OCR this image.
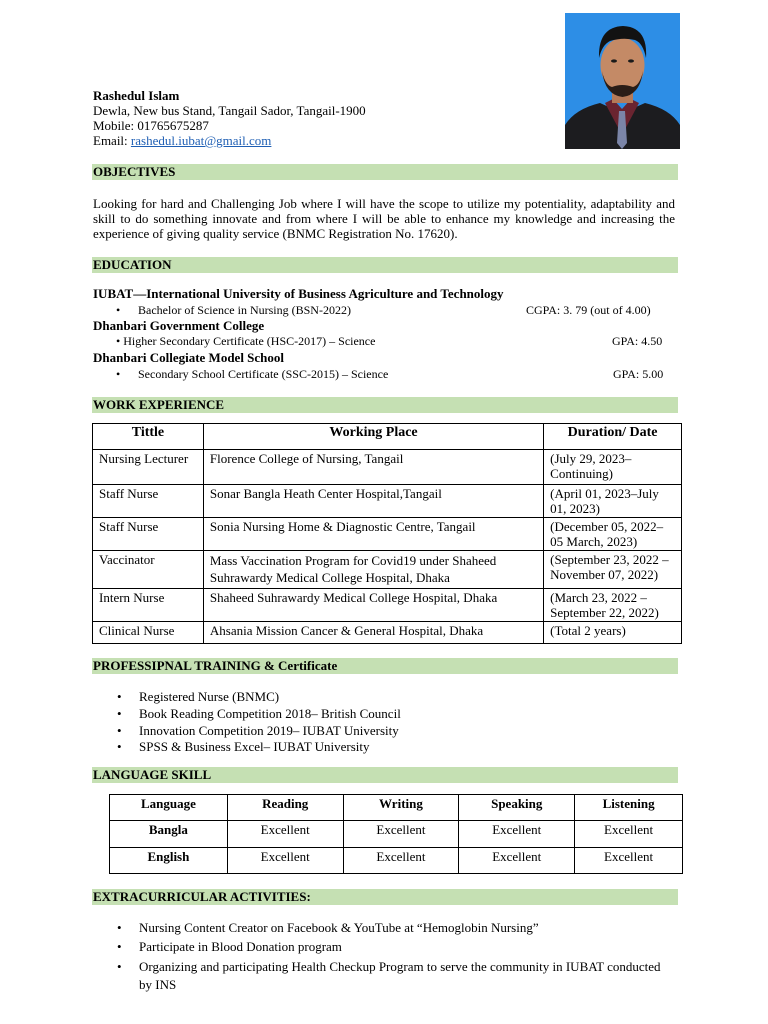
Rashedul Islam
Dewla, New bus Stand, Tangail Sador, Tangail-1900
Mobile: 01765675287
Email: rashedul.iubat@gmail.com
OBJECTIVES
Looking for hard and Challenging Job where I will have the scope to utilize my potentiality, adaptability and skill to do something innovate and from where I will be able to enhance my knowledge and increasing the experience of giving quality service (BNMC Registration No. 17620).
EDUCATION
IUBAT—International University of Business Agriculture and Technology
• Bachelor of Science in Nursing (BSN-2022)	CGPA: 3. 79 (out of 4.00)
Dhanbari Government College
• Higher Secondary Certificate (HSC-2017) – Science	GPA: 4.50
Dhanbari Collegiate Model School
• Secondary School Certificate (SSC-2015) – Science	GPA: 5.00
WORK EXPERIENCE
Tittle	Working Place	Duration/ Date
Nursing Lecturer	Florence College of Nursing, Tangail	(July 29, 2023–Continuing)
Staff Nurse	Sonar Bangla Heath Center Hospital,Tangail	(April 01, 2023–July 01, 2023)
Staff Nurse	Sonia Nursing Home & Diagnostic Centre, Tangail	(December 05, 2022–05 March, 2023)
Vaccinator	Mass Vaccination Program for Covid19 under Shaheed Suhrawardy Medical College Hospital, Dhaka	(September 23, 2022 – November 07, 2022)
Intern Nurse	Shaheed Suhrawardy Medical College Hospital, Dhaka	(March 23, 2022 – September 22, 2022)
Clinical Nurse	Ahsania Mission Cancer & General Hospital, Dhaka	(Total 2 years)
PROFESSIPNAL TRAINING & Certificate
• Registered Nurse (BNMC)
• Book Reading Competition 2018– British Council
• Innovation Competition 2019– IUBAT University
• SPSS & Business Excel– IUBAT University
LANGUAGE SKILL
Language	Reading	Writing	Speaking	Listening
Bangla	Excellent	Excellent	Excellent	Excellent
English	Excellent	Excellent	Excellent	Excellent
EXTRACURRICULAR ACTIVITIES:
• Nursing Content Creator on Facebook & YouTube at “Hemoglobin Nursing”
• Participate in Blood Donation program
• Organizing and participating Health Checkup Program to serve the community in IUBAT conducted by INS
